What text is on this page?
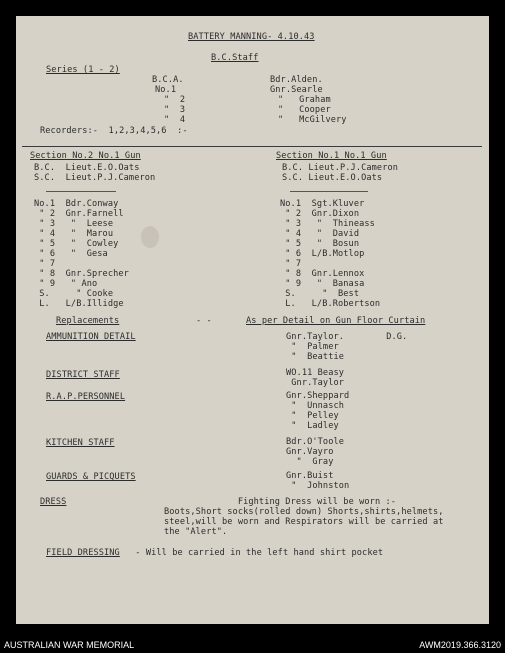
BATTERY MANNING- 4.10.43
B.C.Staff
Series (1 - 2)
B.C.A.	Bdr.Alden.
No.1	Gnr.Searle
"  2	"   Graham
"  3	"   Cooper
"  4	"   McGilvery
Recorders:-  1,2,3,4,5,6  :-
Section No.2 No.1 Gun
B.C.  Lieut.E.O.Oats
S.C.  Lieut.P.J.Cameron
No.1  Bdr.Conway
" 2  Gnr.Farnell
" 3   "  Leese
" 4   "  Marou
" 5   "  Cowley
" 6   "  Gesa
" 7
" 8  Gnr.Sprecher
" 9   " Ano
S.     " Cooke
L.   L/B.Illidge
Section No.1 No.1 Gun
B.C. Lieut.P.J.Cameron
S.C. Lieut.E.O.Oats
No.1  Sgt.Kluver
" 2  Gnr.Dixon
" 3   "  Thineass
" 4   "  David
" 5   "  Bosun
" 6  L/B.Motlop
" 7
" 8  Gnr.Lennox
" 9   "  Banasa
S.     "  Best
L.   L/B.Robertson
Replacements	- -	As per Detail on Gun Floor Curtain
AMMUNITION DETAIL	Gnr.Taylor.        D.G.
"  Palmer
"  Beattie
DISTRICT STAFF	WO.11 Beasy
Gnr.Taylor
R.A.P.PERSONNEL	Gnr.Sheppard
"  Unnasch
"  Pelley
"  Ladley
KITCHEN STAFF	Bdr.O'Toole
Gnr.Vayro
"  Gray
GUARDS & PICQUETS	Gnr.Buist
"  Johnston
DRESS	Fighting Dress will be worn :-
Boots,Short socks(rolled down) Shorts,shirts,helmets,
steel,will be worn and Respirators will be carried at
the "Alert".
FIELD DRESSING - Will be carried in the left hand shirt pocket
AUSTRALIAN WAR MEMORIAL	AWM2019.366.3120
